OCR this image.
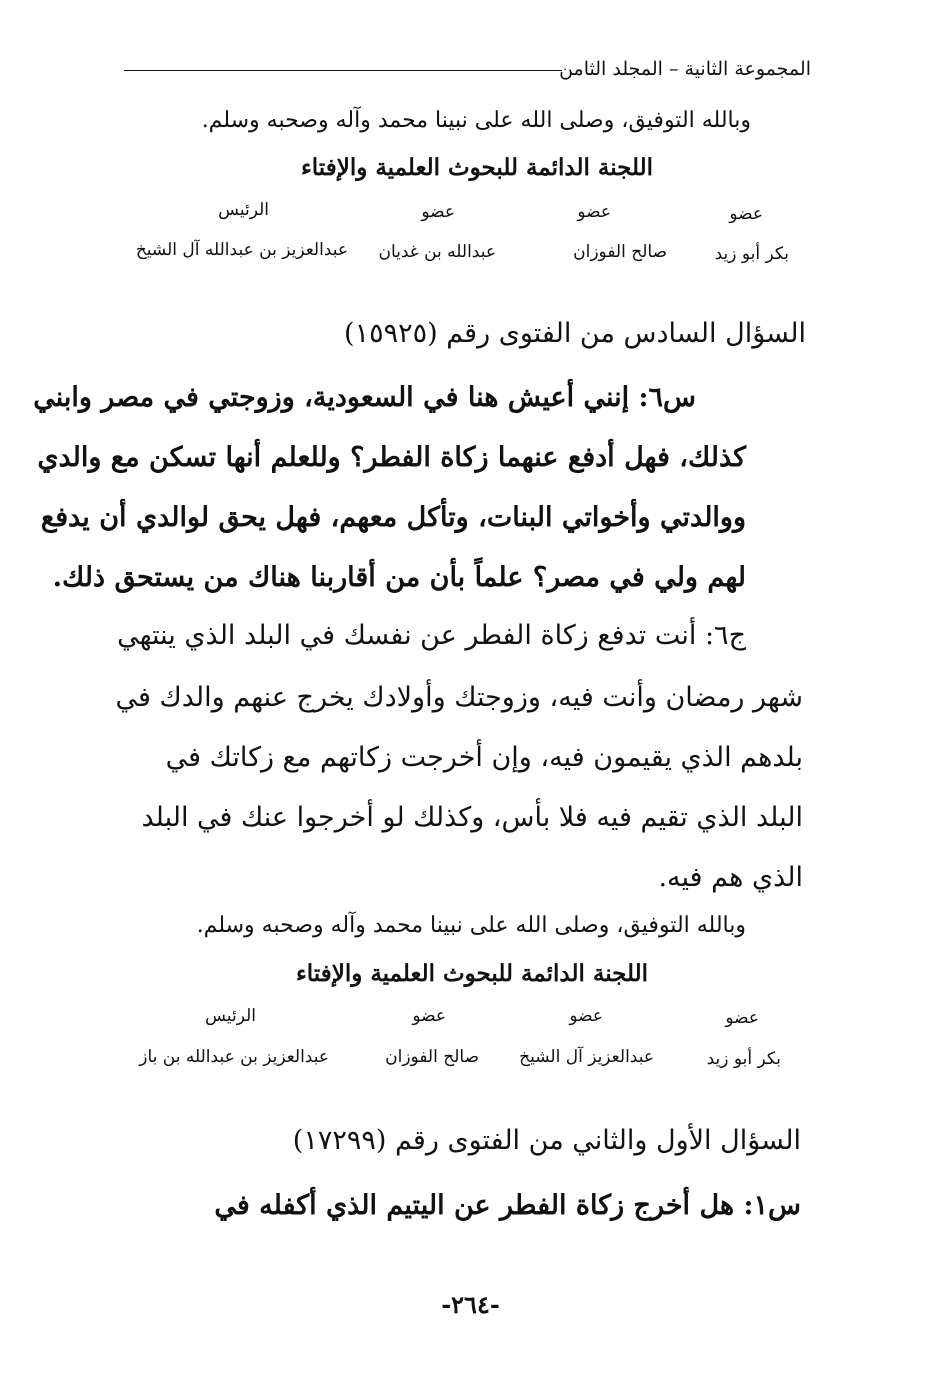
المجموعة الثانية – المجلد الثامن
وبالله التوفيق، وصلى الله على نبينا محمد وآله وصحبه وسلم.
اللجنة الدائمة للبحوث العلمية والإفتاء
عضو
عضو
عضو
الرئيس
بكر أبو زيد
صالح الفوزان
عبدالله بن غديان
عبدالعزيز بن عبدالله آل الشيخ
السؤال السادس من الفتوى رقم (١٥٩٢٥)
س٦: إنني أعيش هنا في السعودية، وزوجتي في مصر وابني
كذلك، فهل أدفع عنهما زكاة الفطر؟ وللعلم أنها تسكن مع والدي
ووالدتي وأخواتي البنات، وتأكل معهم، فهل يحق لوالدي أن يدفع
لهم ولي في مصر؟ علماً بأن من أقاربنا هناك من يستحق ذلك.
ج٦: أنت تدفع زكاة الفطر عن نفسك في البلد الذي ينتهي
شهر رمضان وأنت فيه، وزوجتك وأولادك يخرج عنهم والدك في
بلدهم الذي يقيمون فيه، وإن أخرجت زكاتهم مع زكاتك في
البلد الذي تقيم فيه فلا بأس، وكذلك لو أخرجوا عنك في البلد
الذي هم فيه.
وبالله التوفيق، وصلى الله على نبينا محمد وآله وصحبه وسلم.
اللجنة الدائمة للبحوث العلمية والإفتاء
عضو
عضو
عضو
الرئيس
بكر أبو زيد
عبدالعزيز آل الشيخ
صالح الفوزان
عبدالعزيز بن عبدالله بن باز
السؤال الأول والثاني من الفتوى رقم (١٧٢٩٩)
س١: هل أخرج زكاة الفطر عن اليتيم الذي أكفله في
-٢٦٤-
